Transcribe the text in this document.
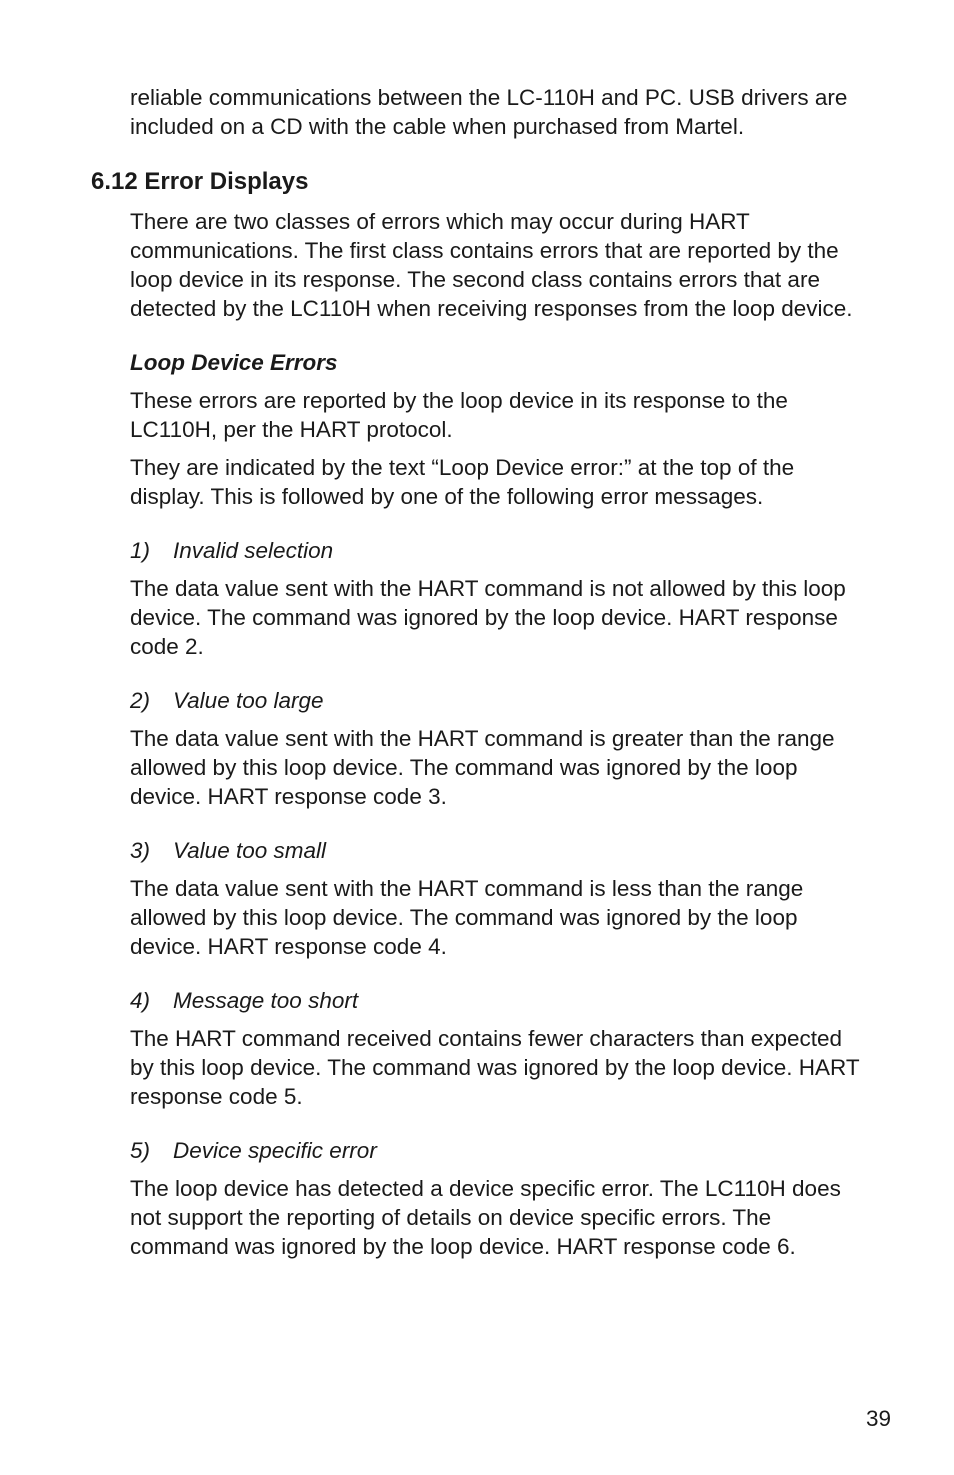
reliable communications between the LC-110H and PC. USB drivers are included on a CD with the cable when purchased from Martel.

6.12 Error Displays

There are two classes of errors which may occur during HART communications. The first class contains errors that are reported by the loop device in its response. The second class contains errors that are detected by the LC110H when receiving responses from the loop device.

Loop Device Errors

These errors are reported by the loop device in its response to the LC110H, per the HART protocol.

They are indicated by the text “Loop Device error:” at the top of the display. This is followed by one of the following error messages.

1) Invalid selection

The data value sent with the HART command is not allowed by this loop device. The command was ignored by the loop device. HART response code 2.

2) Value too large

The data value sent with the HART command is greater than the range allowed by this loop device. The command was ignored by the loop device. HART response code 3.

3) Value too small

The data value sent with the HART command is less than the range allowed by this loop device. The command was ignored by the loop device. HART response code 4.

4) Message too short

The HART command received contains fewer characters than expected by this loop device. The command was ignored by the loop device. HART response code 5.

5) Device specific error

The loop device has detected a device specific error. The LC110H does not support the reporting of details on device specific errors. The command was ignored by the loop device. HART response code 6.

39
